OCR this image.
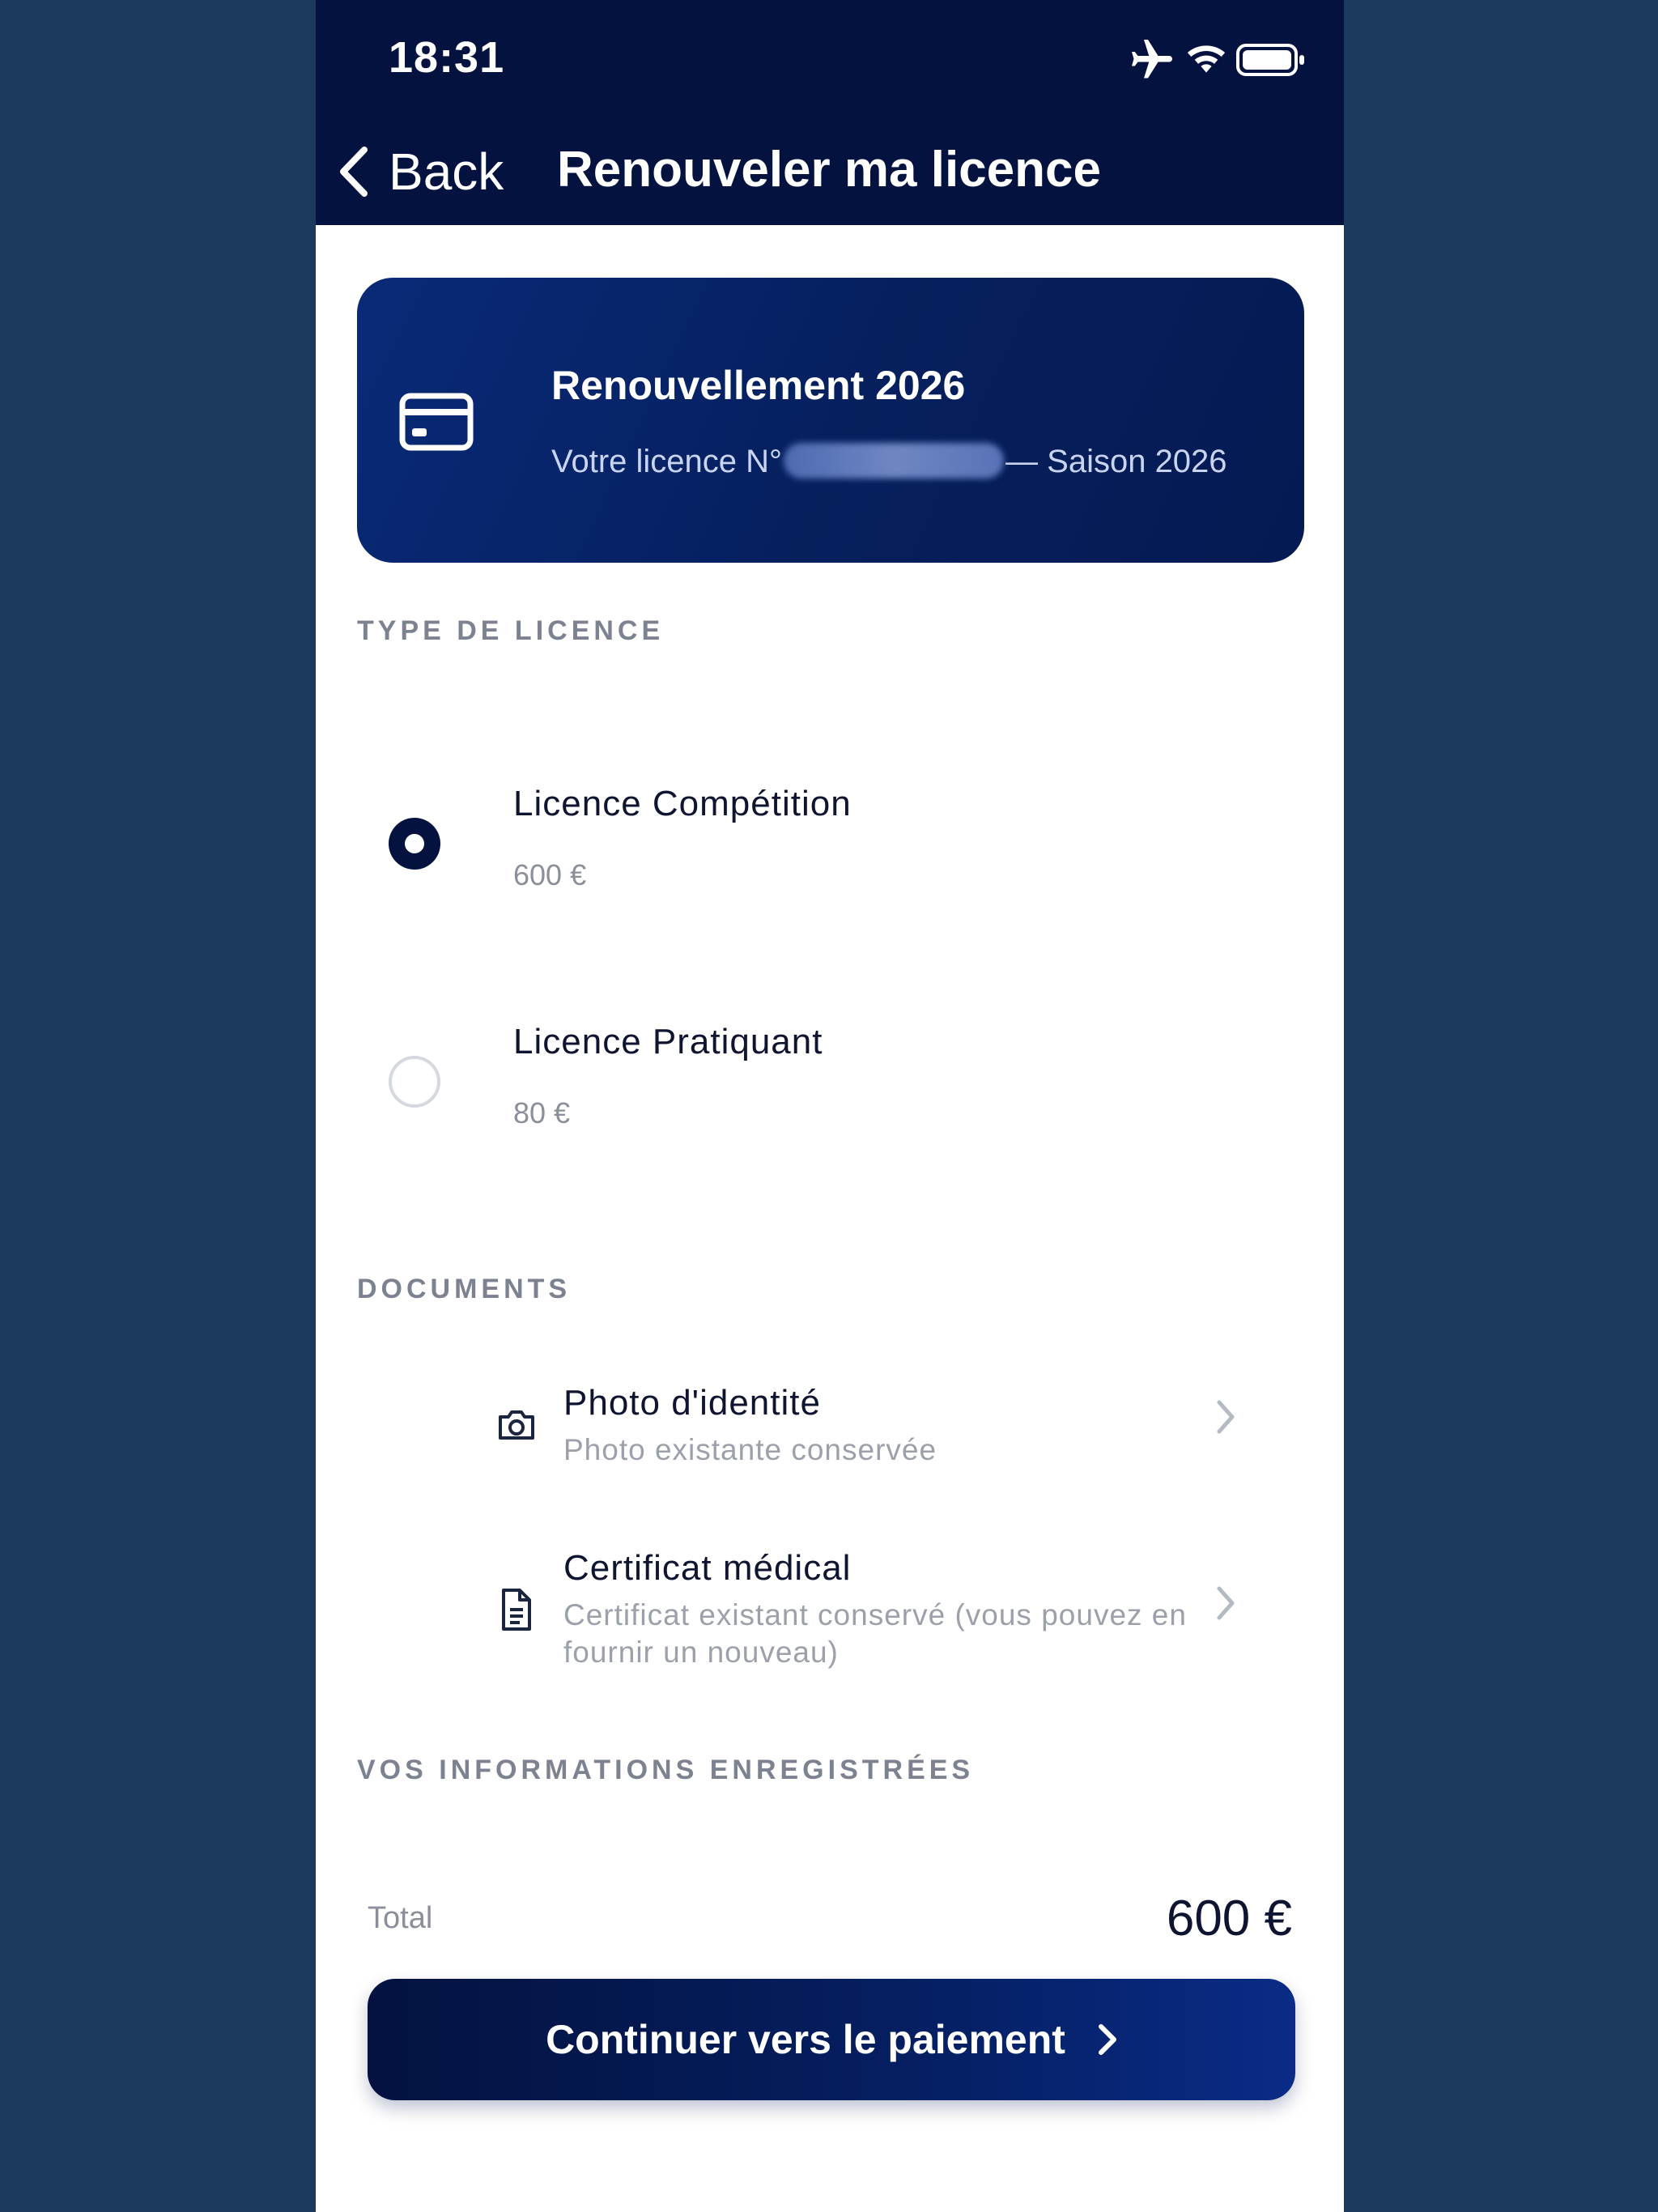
18:31
Back Renouveler ma licence
Renouvellement 2026
Votre licence N°	— Saison 2026
TYPE DE LICENCE
Licence Compétition
600 €
Licence Pratiquant
80 €
DOCUMENTS
Photo d'identité
Photo existante conservée
Certificat médical
Certificat existant conservé (vous pouvez en fournir un nouveau)
VOS INFORMATIONS ENREGISTRÉES
Total	600 €
Continuer vers le paiement
